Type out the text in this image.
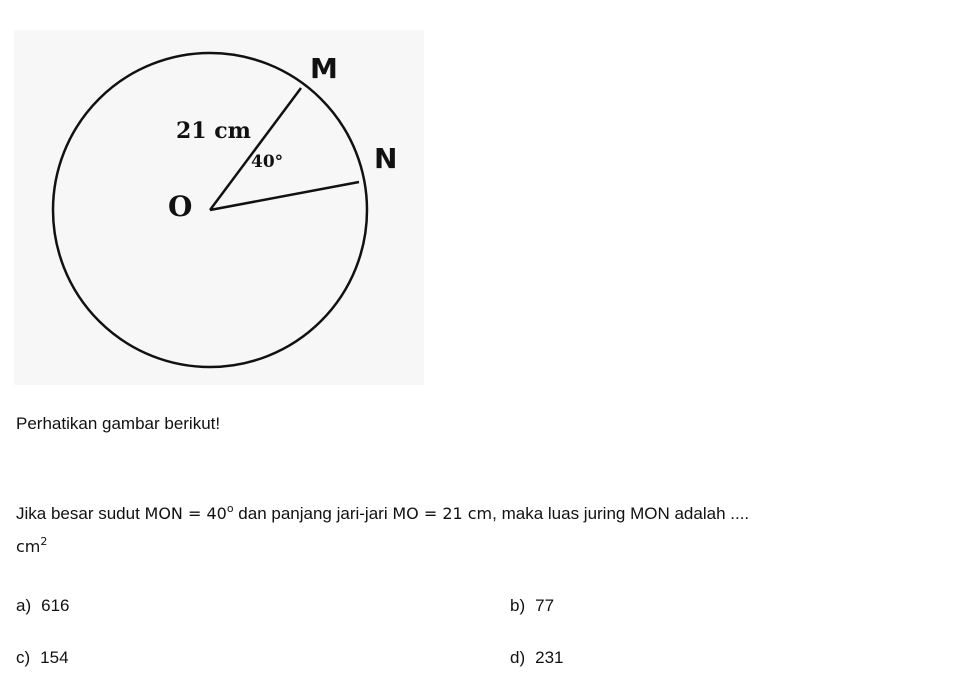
M
N
O
21 cm
40°

Perhatikan gambar berikut!

Jika besar sudut MON = $40^o$ dan panjang jari-jari MO = 21 cm, maka luas juring MON adalah ....
$cm^2$

a) 616	b) 77
c) 154	d) 231
